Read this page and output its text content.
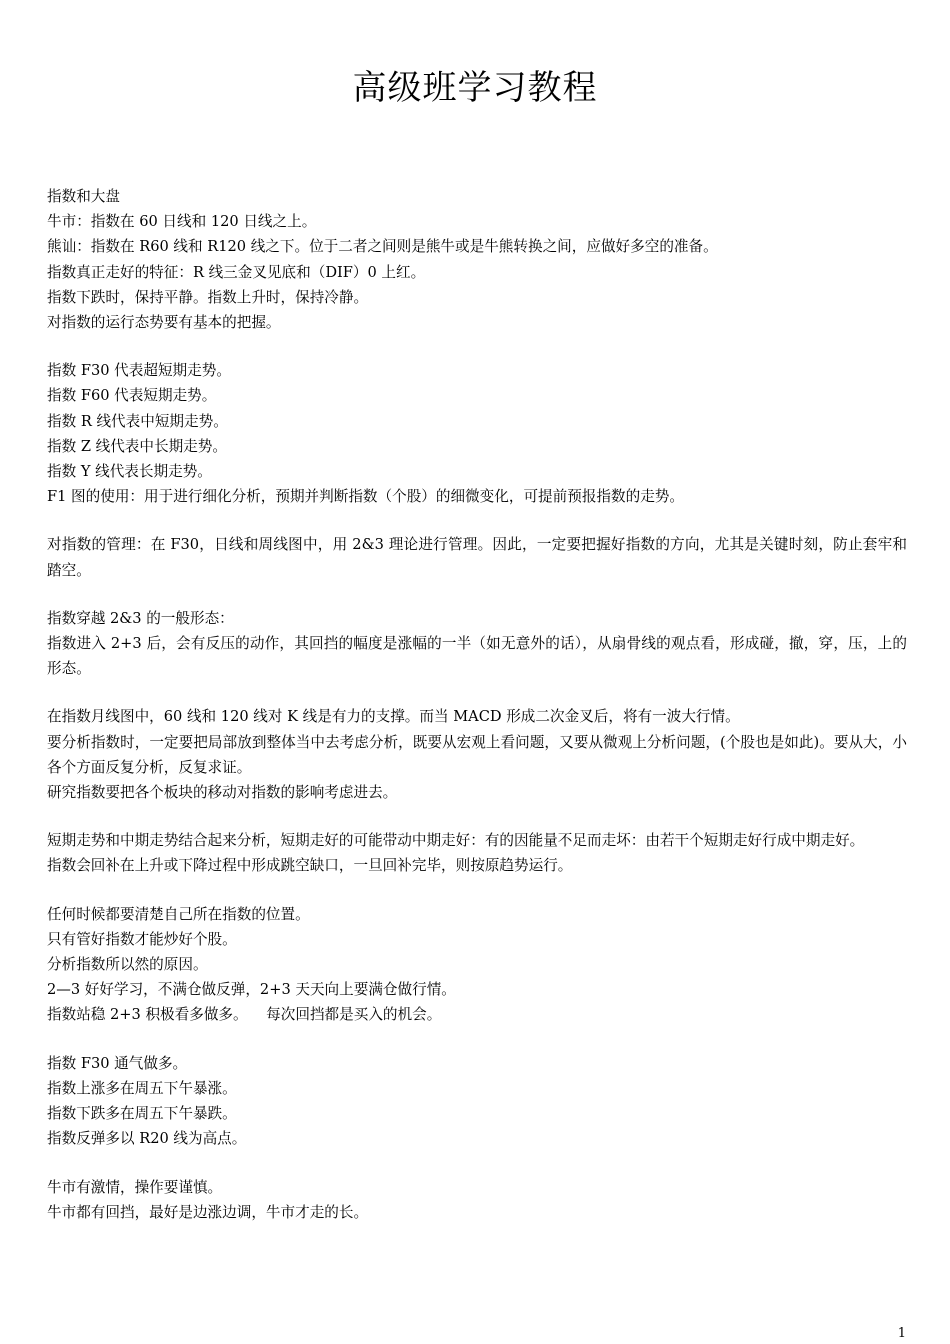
高级班学习教程
指数和大盘
牛市：指数在 60 日线和 120 日线之上。
熊讪：指数在 R60 线和 R120 线之下。位于二者之间则是熊牛或是牛熊转换之间，应做好多空的准备。
指数真正走好的特征：R 线三金叉见底和（DIF）0 上红。
指数下跌时，保持平静。指数上升时，保持冷静。
对指数的运行态势要有基本的把握。
指数 F30 代表超短期走势。
指数 F60 代表短期走势。
指数 R 线代表中短期走势。
指数 Z 线代表中长期走势。
指数 Y 线代表长期走势。
F1 图的使用：用于进行细化分析，预期并判断指数（个股）的细微变化，可提前预报指数的走势。
对指数的管理：在 F30，日线和周线图中，用 2&3 理论进行管理。因此，一定要把握好指数的方向，尤其是关键时刻，防止套牢和踏空。
指数穿越 2&3 的一般形态：
指数进入 2+3 后，会有反压的动作，其回挡的幅度是涨幅的一半（如无意外的话），从扇骨线的观点看，形成碰，撤，穿，压，上的形态。
在指数月线图中，60 线和 120 线对 K 线是有力的支撑。而当 MACD 形成二次金叉后，将有一波大行情。
要分析指数时，一定要把局部放到整体当中去考虑分析，既要从宏观上看问题，又要从微观上分析问题，(个股也是如此)。要从大，小各个方面反复分析，反复求证。
研究指数要把各个板块的移动对指数的影响考虑进去。
短期走势和中期走势结合起来分析，短期走好的可能带动中期走好：有的因能量不足而走坏：由若干个短期走好行成中期走好。
指数会回补在上升或下降过程中形成跳空缺口，一旦回补完毕，则按原趋势运行。
任何时候都要清楚自己所在指数的位置。
只有管好指数才能炒好个股。
分析指数所以然的原因。
2—3 好好学习，不满仓做反弹，2+3 天天向上要满仓做行情。
指数站稳 2+3 积极看多做多。    每次回挡都是买入的机会。
指数 F30 通气做多。
指数上涨多在周五下午暴涨。
指数下跌多在周五下午暴跌。
指数反弹多以 R20 线为高点。
牛市有激情，操作要谨慎。
牛市都有回挡，最好是边涨边调，牛市才走的长。
1
